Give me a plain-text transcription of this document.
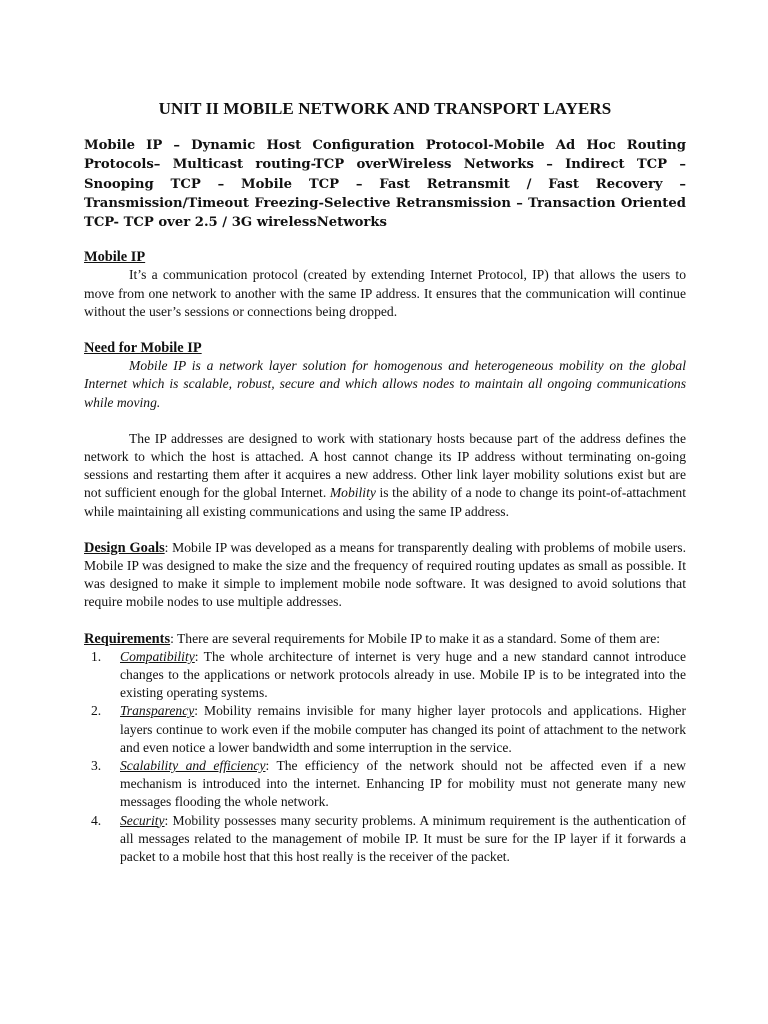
UNIT II MOBILE NETWORK AND TRANSPORT LAYERS

Mobile IP – Dynamic Host Configuration Protocol-Mobile Ad Hoc Routing Protocols– Multicast routing-TCP overWireless Networks – Indirect TCP – Snooping TCP – Mobile TCP – Fast Retransmit / Fast Recovery –Transmission/Timeout Freezing-Selective Retransmission – Transaction Oriented TCP- TCP over 2.5 / 3G wirelessNetworks

Mobile IP

It’s a communication protocol (created by extending Internet Protocol, IP) that allows the users to move from one network to another with the same IP address. It ensures that the communication will continue without the user’s sessions or connections being dropped.

Need for Mobile IP

Mobile IP is a network layer solution for homogenous and heterogeneous mobility on the global Internet which is scalable, robust, secure and which allows nodes to maintain all ongoing communications while moving.

The IP addresses are designed to work with stationary hosts because part of the address defines the network to which the host is attached. A host cannot change its IP address without terminating on-going sessions and restarting them after it acquires a new address. Other link layer mobility solutions exist but are not sufficient enough for the global Internet. Mobility is the ability of a node to change its point-of-attachment while maintaining all existing communications and using the same IP address.

Design Goals: Mobile IP was developed as a means for transparently dealing with problems of mobile users. Mobile IP was designed to make the size and the frequency of required routing updates as small as possible. It was designed to make it simple to implement mobile node software. It was designed to avoid solutions that require mobile nodes to use multiple addresses.

Requirements: There are several requirements for Mobile IP to make it as a standard. Some of them are:

1. Compatibility: The whole architecture of internet is very huge and a new standard cannot introduce changes to the applications or network protocols already in use. Mobile IP is to be integrated into the existing operating systems.
2. Transparency: Mobility remains invisible for many higher layer protocols and applications. Higher layers continue to work even if the mobile computer has changed its point of attachment to the network and even notice a lower bandwidth and some interruption in the service.
3. Scalability and efficiency: The efficiency of the network should not be affected even if a new mechanism is introduced into the internet. Enhancing IP for mobility must not generate many new messages flooding the whole network.
4. Security: Mobility possesses many security problems. A minimum requirement is the authentication of all messages related to the management of mobile IP. It must be sure for the IP layer if it forwards a packet to a mobile host that this host really is the receiver of the packet.
